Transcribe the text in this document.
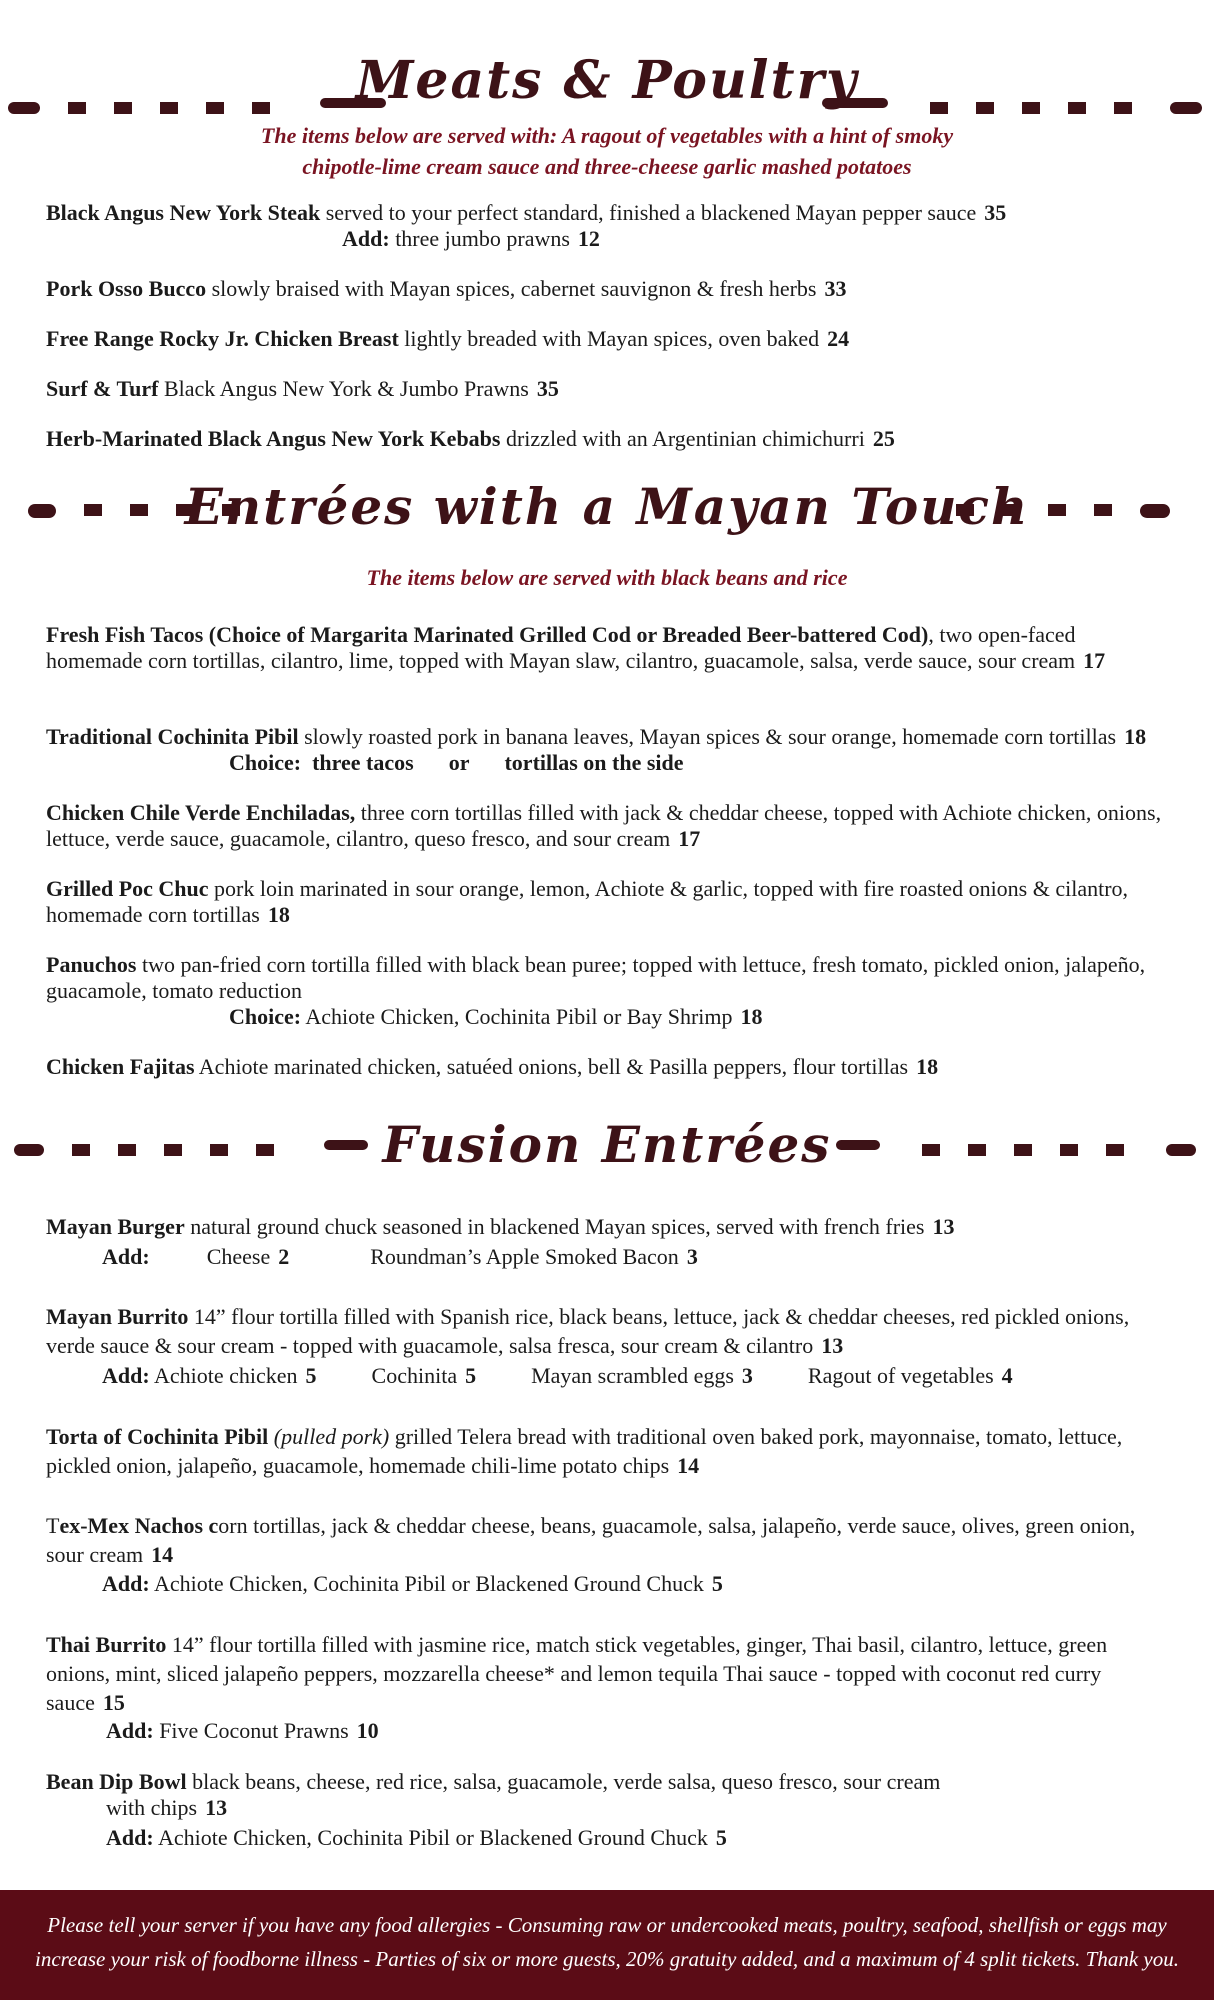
Meats & Poultry
The items below are served with: A ragout of vegetables with a hint of smoky
chipotle-lime cream sauce and three-cheese garlic mashed potatoes
Black Angus New York Steak served to your perfect standard, finished a blackened Mayan pepper sauce 35
Add: three jumbo prawns 12
Pork Osso Bucco slowly braised with Mayan spices, cabernet sauvignon & fresh herbs 33
Free Range Rocky Jr. Chicken Breast lightly breaded with Mayan spices, oven baked 24
Surf & Turf Black Angus New York & Jumbo Prawns 35
Herb-Marinated Black Angus New York Kebabs drizzled with an Argentinian chimichurri 25
Entrées with a Mayan Touch
The items below are served with black beans and rice
Fresh Fish Tacos (Choice of Margarita Marinated Grilled Cod or Breaded Beer-battered Cod), two open-faced homemade corn tortillas, cilantro, lime, topped with Mayan slaw, cilantro, guacamole, salsa, verde sauce, sour cream 17
Traditional Cochinita Pibil slowly roasted pork in banana leaves, Mayan spices & sour orange, homemade corn tortillas 18
Choice: three tacos or tortillas on the side
Chicken Chile Verde Enchiladas, three corn tortillas filled with jack & cheddar cheese, topped with Achiote chicken, onions, lettuce, verde sauce, guacamole, cilantro, queso fresco, and sour cream 17
Grilled Poc Chuc pork loin marinated in sour orange, lemon, Achiote & garlic, topped with fire roasted onions & cilantro, homemade corn tortillas 18
Panuchos two pan-fried corn tortilla filled with black bean puree; topped with lettuce, fresh tomato, pickled onion, jalapeño, guacamole, tomato reduction
Choice: Achiote Chicken, Cochinita Pibil or Bay Shrimp 18
Chicken Fajitas Achiote marinated chicken, satuéed onions, bell & Pasilla peppers, flour tortillas 18
Fusion Entrées
Mayan Burger natural ground chuck seasoned in blackened Mayan spices, served with french fries 13
Add:	Cheese 2	Roundman’s Apple Smoked Bacon 3
Mayan Burrito 14” flour tortilla filled with Spanish rice, black beans, lettuce, jack & cheddar cheeses, red pickled onions, verde sauce & sour cream - topped with guacamole, salsa fresca, sour cream & cilantro 13
Add: Achiote chicken 5	Cochinita 5	Mayan scrambled eggs 3	Ragout of vegetables 4
Torta of Cochinita Pibil (pulled pork) grilled Telera bread with traditional oven baked pork, mayonnaise, tomato, lettuce, pickled onion, jalapeño, guacamole, homemade chili-lime potato chips 14
Tex-Mex Nachos corn tortillas, jack & cheddar cheese, beans, guacamole, salsa, jalapeño, verde sauce, olives, green onion, sour cream 14
Add: Achiote Chicken, Cochinita Pibil or Blackened Ground Chuck 5
Thai Burrito 14” flour tortilla filled with jasmine rice, match stick vegetables, ginger, Thai basil, cilantro, lettuce, green onions, mint, sliced jalapeño peppers, mozzarella cheese* and lemon tequila Thai sauce - topped with coconut red curry sauce 15
Add: Five Coconut Prawns 10
Bean Dip Bowl black beans, cheese, red rice, salsa, guacamole, verde salsa, queso fresco, sour cream
with chips 13
Add: Achiote Chicken, Cochinita Pibil or Blackened Ground Chuck 5
Please tell your server if you have any food allergies - Consuming raw or undercooked meats, poultry, seafood, shellfish or eggs may
increase your risk of foodborne illness - Parties of six or more guests, 20% gratuity added, and a maximum of 4 split tickets. Thank you.
